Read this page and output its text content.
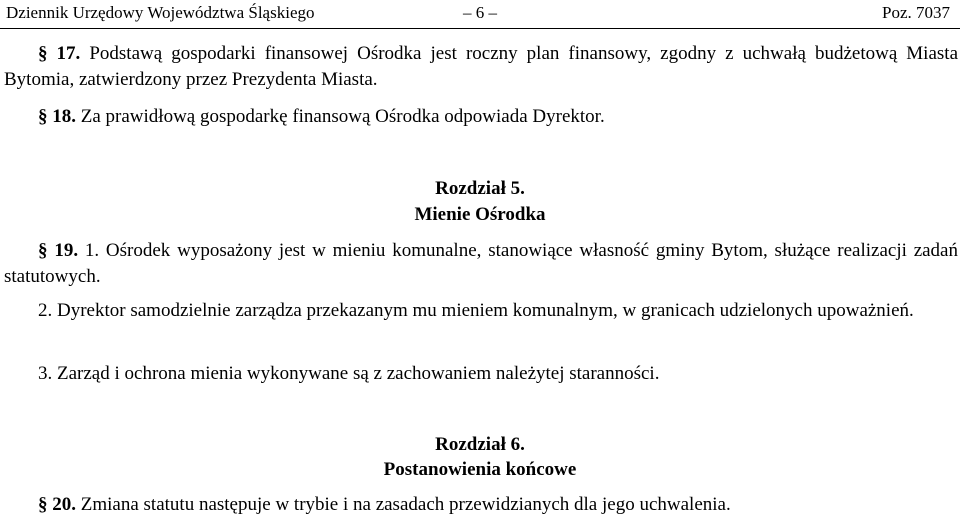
Dziennik Urzędowy Województwa Śląskiego	– 6 –	Poz. 7037
§ 17. Podstawą gospodarki finansowej Ośrodka jest roczny plan finansowy, zgodny z uchwałą budżetową Miasta Bytomia, zatwierdzony przez Prezydenta Miasta.
§ 18. Za prawidłową gospodarkę finansową Ośrodka odpowiada Dyrektor.
Rozdział 5.
Mienie Ośrodka
§ 19. 1. Ośrodek wyposażony jest w mieniu komunalne, stanowiące własność gminy Bytom, służące realizacji zadań statutowych.
2. Dyrektor samodzielnie zarządza przekazanym mu mieniem komunalnym, w granicach udzielonych upoważnień.
3. Zarząd i ochrona mienia wykonywane są z zachowaniem należytej staranności.
Rozdział 6.
Postanowienia końcowe
§ 20. Zmiana statutu następuje w trybie i na zasadach przewidzianych dla jego uchwalenia.
